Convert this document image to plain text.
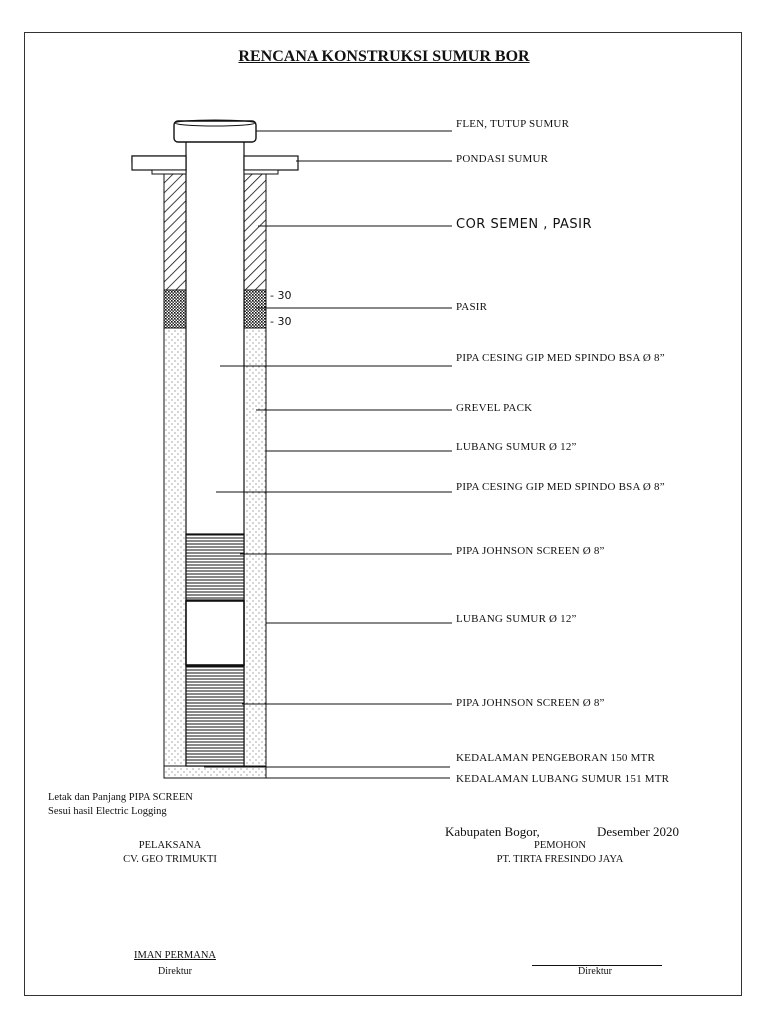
RENCANA KONSTRUKSI SUMUR BOR
- 30
- 30
FLEN, TUTUP SUMUR
PONDASI SUMUR
COR SEMEN , PASIR
PASIR
PIPA CESING GIP MED SPINDO BSA Ø 8”
GREVEL PACK
LUBANG SUMUR Ø 12”
PIPA CESING GIP MED SPINDO BSA Ø 8”
PIPA JOHNSON SCREEN Ø 8”
LUBANG SUMUR Ø 12”
PIPA JOHNSON SCREEN Ø 8”
KEDALAMAN PENGEBORAN 150 MTR
KEDALAMAN LUBANG SUMUR 151 MTR
Letak dan Panjang PIPA SCREEN
Sesui hasil Electric Logging
Kabupaten Bogor,	Desember 2020
PELAKSANA
CV. GEO TRIMUKTI
PEMOHON
PT. TIRTA FRESINDO JAYA
IMAN PERMANA
Direktur	Direktur
